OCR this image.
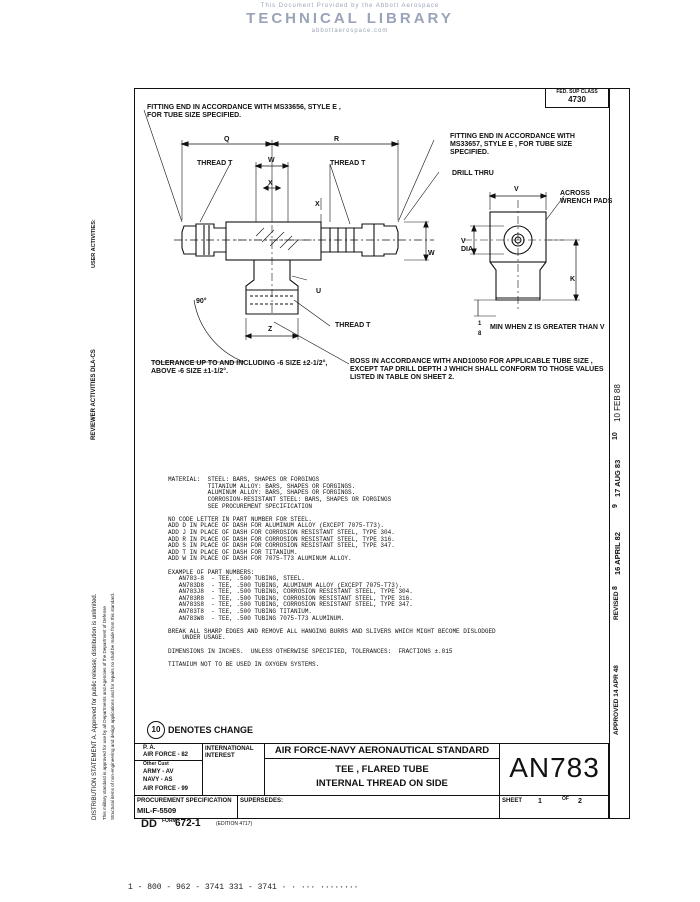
This Document Provided by the Abbott Aerospace
TECHNICAL LIBRARY
abbottaerospace.com
FED. SUP CLASS
4730
FITTING END IN ACCORDANCE WITH MS33656, STYLE E , FOR TUBE SIZE SPECIFIED.
FITTING END IN ACCORDANCE WITH MS33657, STYLE E , FOR TUBE SIZE SPECIFIED.
DRILL THRU
ACROSS WRENCH PADS
THREAD T	THREAD T
THREAD T
90°
TOLERANCE UP TO AND INCLUDING -6 SIZE ±2-1/2°, ABOVE -6 SIZE ±1-1/2°.
BOSS IN ACCORDANCE WITH AND10050 FOR APPLICABLE TUBE SIZE , EXCEPT TAP DRILL DEPTH J WHICH SHALL CONFORM TO THOSE VALUES LISTED IN TABLE ON SHEET 2.
MIN WHEN Z IS GREATER THAN V
1
8
Q	R
W
X
X
W
U
Z
V
V
DIA
K

MATERIAL:  STEEL: BARS, SHAPES OR FORGINGS
TITANIUM ALLOY: BARS, SHAPES OR FORGINGS.
ALUMINUM ALLOY: BARS, SHAPES OR FORGINGS.
CORROSION-RESISTANT STEEL: BARS, SHAPES OR FORGINGS
SEE PROCUREMENT SPECIFICATION

NO CODE LETTER IN PART NUMBER FOR STEEL.
ADD D IN PLACE OF DASH FOR ALUMINUM ALLOY (EXCEPT 7075-T73).
ADD J IN PLACE OF DASH FOR CORROSION RESISTANT STEEL, TYPE 304.
ADD R IN PLACE OF DASH FOR CORROSION RESISTANT STEEL, TYPE 316.
ADD S IN PLACE OF DASH FOR CORROSION RESISTANT STEEL, TYPE 347.
ADD T IN PLACE OF DASH FOR TITANIUM.
ADD W IN PLACE OF DASH FOR 7075-T73 ALUMINUM ALLOY.

EXAMPLE OF PART NUMBERS:
AN783-8  - TEE, .500 TUBING, STEEL.
AN783D8  - TEE, .500 TUBING, ALUMINUM ALLOY (EXCEPT 7075-T73).
AN783J8  - TEE, .500 TUBING, CORROSION RESISTANT STEEL, TYPE 304.
AN783R8  - TEE, .500 TUBING, CORROSION RESISTANT STEEL, TYPE 316.
AN783S8  - TEE, .500 TUBING, CORROSION RESISTANT STEEL, TYPE 347.
AN783T8  - TEE, .500 TUBING TITANIUM.
AN783W8  - TEE, .500 TUBING 7075-T73 ALUMINUM.

BREAK ALL SHARP EDGES AND REMOVE ALL HANGING BURRS AND SLIVERS WHICH MIGHT BECOME DISLODGED
UNDER USAGE.

DIMENSIONS IN INCHES.  UNLESS OTHERWISE SPECIFIED, TOLERANCES:  FRACTIONS ±.015

TITANIUM NOT TO BE USED IN OXYGEN SYSTEMS.

10 DENOTES CHANGE	APPROVED 14 APR 48
REVISED
8
16 APRIL 82
9
17 AUG 83
10
10 FEB 88
P. A.
AIR FORCE - 82
Other Cust
ARMY - AV
NAVY - AS
AIR FORCE - 99
INTERNATIONAL INTEREST	AIR FORCE-NAVY AERONAUTICAL STANDARD
TEE , FLARED TUBE
INTERNAL THREAD ON SIDE
AN783
PROCUREMENT SPECIFICATION
MIL-F-5509
SUPERSEDES:	SHEET 1	OF 2
DD FORM
672-1	(EDITION 4717)
USER ACTIVITIES:
REVIEWER ACTIVITIES DLA-CS
DISTRIBUTION STATEMENT A. Approved for public release; distribution is unlimited. This military standard is approved for use by all Departments and Agencies of the Department of Defense Structural items of non-engineering and design applications and for repairs no shall be made from this standard.
1 - 800 - 962 - 3741 331 - 3741 · · ··· ········
